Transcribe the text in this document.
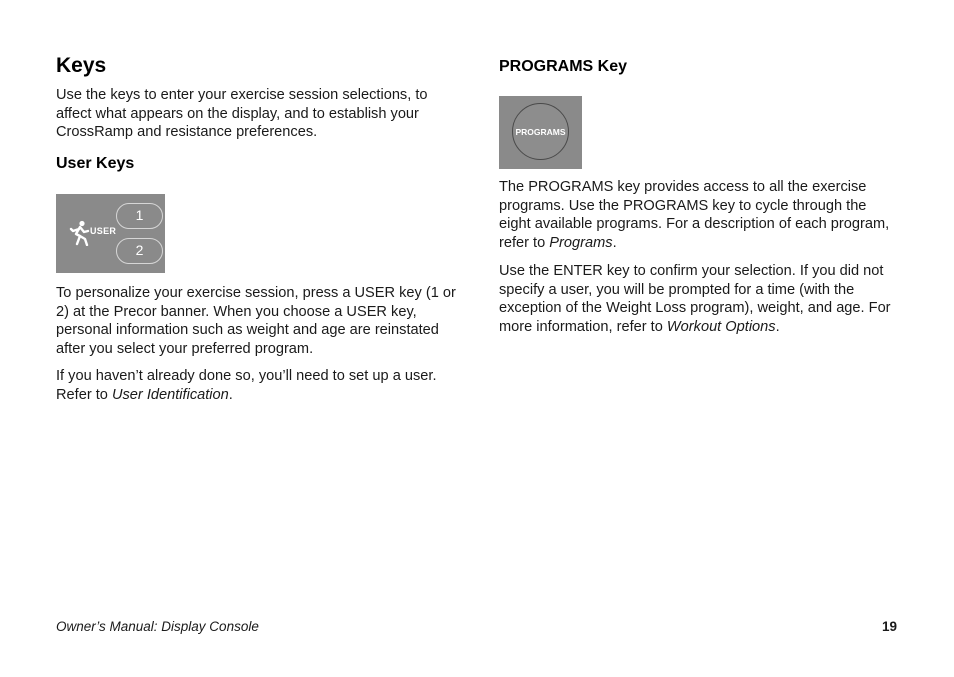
Keys

Use the keys to enter your exercise session selections, to affect what appears on the display, and to establish your CrossRamp and resistance preferences.

User Keys
USER
1
2

To personalize your exercise session, press a USER key (1 or 2) at the Precor banner. When you choose a USER key, personal information such as weight and age are reinstated after you select your preferred program.

If you haven’t already done so, you’ll need to set up a user. Refer to User Identification.

PROGRAMS Key
PROGRAMS

The PROGRAMS key provides access to all the exercise programs. Use the PROGRAMS key to cycle through the eight available programs. For a description of each program, refer to Programs.

Use the ENTER key to confirm your selection. If you did not specify a user, you will be prompted for a time (with the exception of the Weight Loss program), weight, and age. For more information, refer to Workout Options.

Owner’s Manual: Display Console	19
